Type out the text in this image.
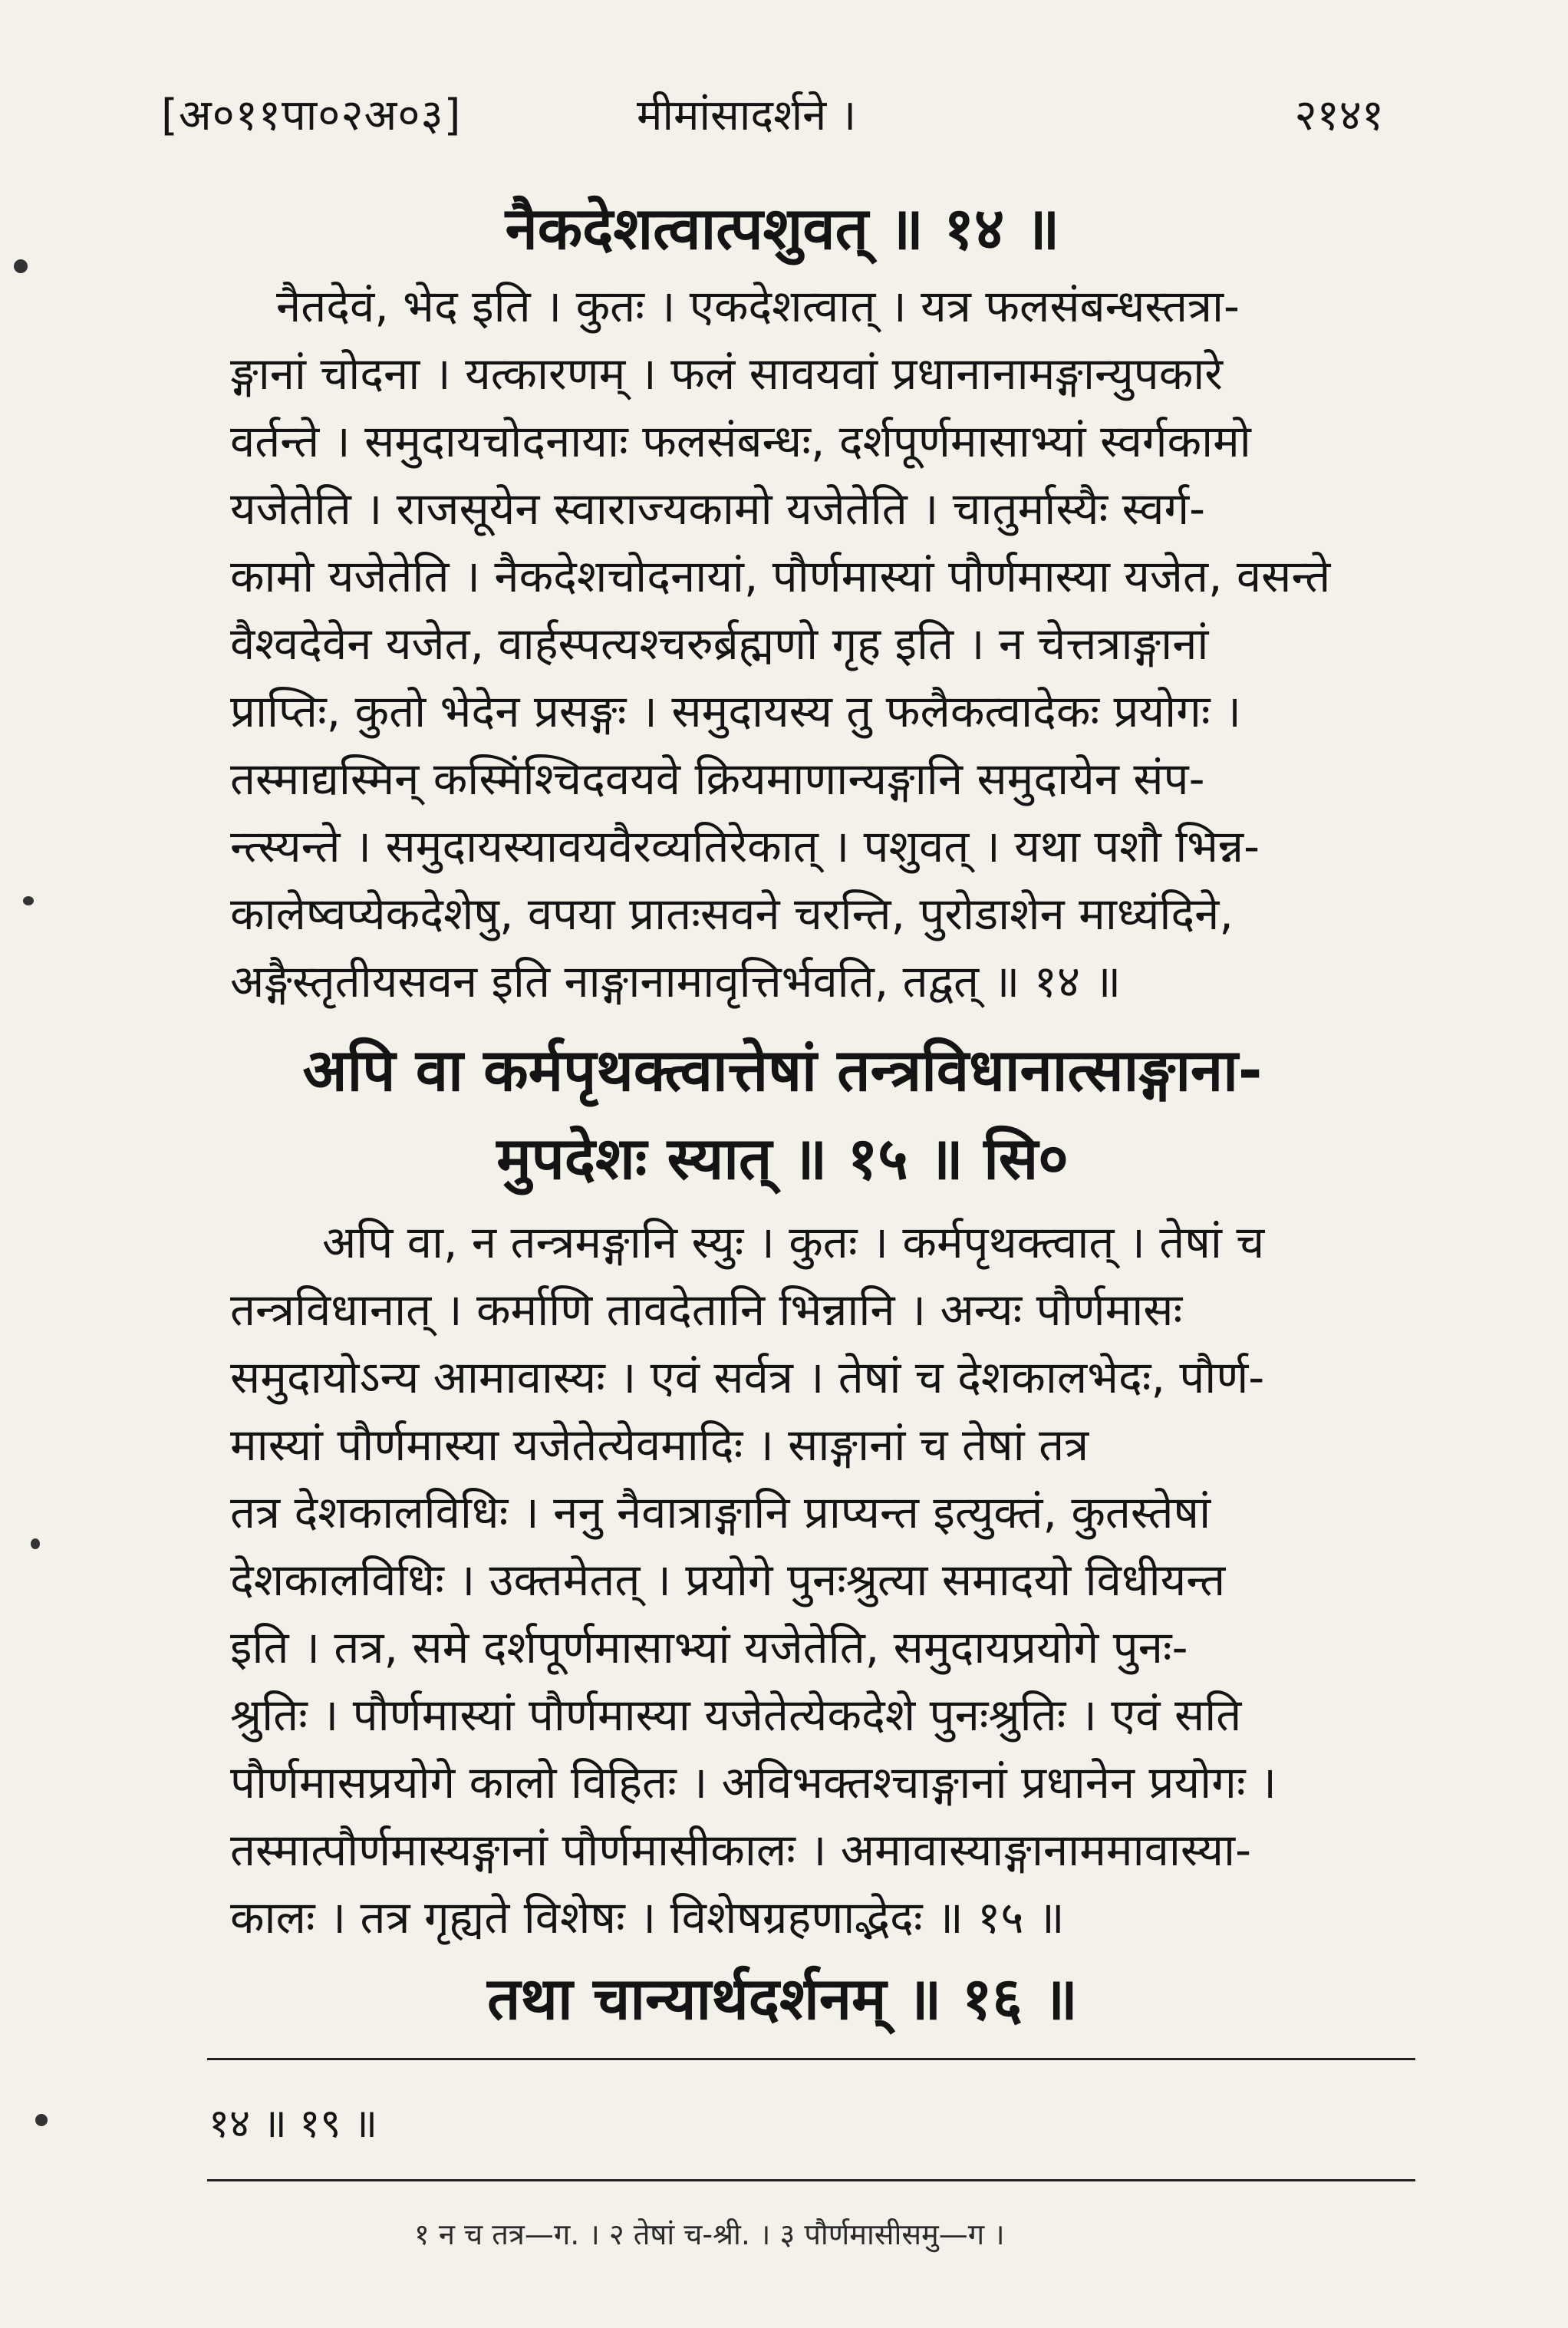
[अ०११पा०२अ०३]	मीमांसादर्शने ।	२१४१
नैकदेशत्वात्पशुवत् ॥ १४ ॥
नैतदेवं, भेद इति । कुतः । एकदेशत्वात् । यत्र फलसंबन्धस्तत्रा-
ङ्गानां चोदना । यत्कारणम् । फलं सावयवां प्रधानानामङ्गान्युपकारे
वर्तन्ते । समुदायचोदनायाः फलसंबन्धः, दर्शपूर्णमासाभ्यां स्वर्गकामो
यजेतेति । राजसूयेन स्वाराज्यकामो यजेतेति । चातुर्मास्यैः स्वर्ग-
कामो यजेतेति । नैकदेशचोदनायां, पौर्णमास्यां पौर्णमास्या यजेत, वसन्ते
वैश्वदेवेन यजेत, वार्हस्पत्यश्चरुर्ब्रह्मणो गृह इति । न चेत्तत्राङ्गानां
प्राप्तिः, कुतो भेदेन प्रसङ्गः । समुदायस्य तु फलैकत्वादेकः प्रयोगः ।
तस्माद्यस्मिन् कस्मिंश्चिदवयवे क्रियमाणान्यङ्गानि समुदायेन संप-
न्त्स्यन्ते । समुदायस्यावयवैरव्यतिरेकात् । पशुवत् । यथा पशौ भिन्न-
कालेष्वप्येकदेशेषु, वपया प्रातःसवने चरन्ति, पुरोडाशेन माध्यंदिने,
अङ्गैस्तृतीयसवन इति नाङ्गानामावृत्तिर्भवति, तद्वत् ॥ १४ ॥
अपि वा कर्मपृथक्त्वात्तेषां तन्त्रविधानात्साङ्गाना-
मुपदेशः स्यात् ॥ १५ ॥ सि०
अपि वा, न तन्त्रमङ्गानि स्युः । कुतः । कर्मपृथक्त्वात् । तेषां च
तन्त्रविधानात् । कर्माणि तावदेतानि भिन्नानि । अन्यः पौर्णमासः
समुदायोऽन्य आमावास्यः । एवं सर्वत्र । तेषां च देशकालभेदः, पौर्ण-
मास्यां पौर्णमास्या यजेतेत्येवमादिः । साङ्गानां च तेषां तत्र
तत्र देशकालविधिः । ननु नैवात्राङ्गानि प्राप्यन्त इत्युक्तं, कुतस्तेषां
देशकालविधिः । उक्तमेतत् । प्रयोगे पुनःश्रुत्या समादयो विधीयन्त
इति । तत्र, समे दर्शपूर्णमासाभ्यां यजेतेति, समुदायप्रयोगे पुनः-
श्रुतिः । पौर्णमास्यां पौर्णमास्या यजेतेत्येकदेशे पुनःश्रुतिः । एवं सति
पौर्णमासप्रयोगे कालो विहितः । अविभक्तश्चाङ्गानां प्रधानेन प्रयोगः ।
तस्मात्पौर्णमास्यङ्गानां पौर्णमासीकालः । अमावास्याङ्गानाममावास्या-
कालः । तत्र गृह्यते विशेषः । विशेषग्रहणाद्भेदः ॥ १५ ॥
तथा चान्यार्थदर्शनम् ॥ १६ ॥
१४ ॥ १९ ॥
१ न च तत्र—ग. । २ तेषां च-श्री. । ३ पौर्णमासीसमु—ग ।
